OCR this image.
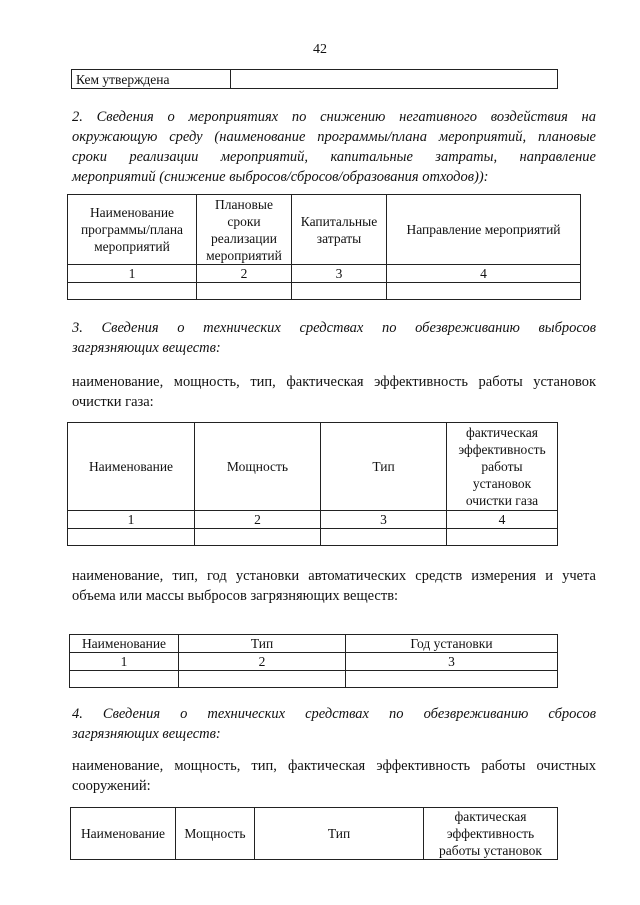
42
Кем утверждена	
2. Сведения о мероприятиях по снижению негативного воздействия на
окружающую среду (наименование программы/плана мероприятий, плановые
сроки реализации мероприятий, капитальные затраты, направление
мероприятий (снижение выбросов/сбросов/образования отходов)):
Наименование программы/плана мероприятий	Плановые сроки реализации мероприятий	Капитальные затраты	Направление мероприятий
1	2	3	4

3. Сведения о технических средствах по обезвреживанию выбросов
загрязняющих веществ:
наименование, мощность, тип, фактическая эффективность работы установок
очистки газа:
Наименование	Мощность	Тип	фактическая эффективность работы установок очистки газа
1	2	3	4

наименование, тип, год установки автоматических средств измерения и учета
объема или массы выбросов загрязняющих веществ:
Наименование	Тип	Год установки
1	2	3

4. Сведения о технических средствах по обезвреживанию сбросов
загрязняющих веществ:
наименование, мощность, тип, фактическая эффективность работы очистных
сооружений:
Наименование	Мощность	Тип	фактическая эффективность работы установок
